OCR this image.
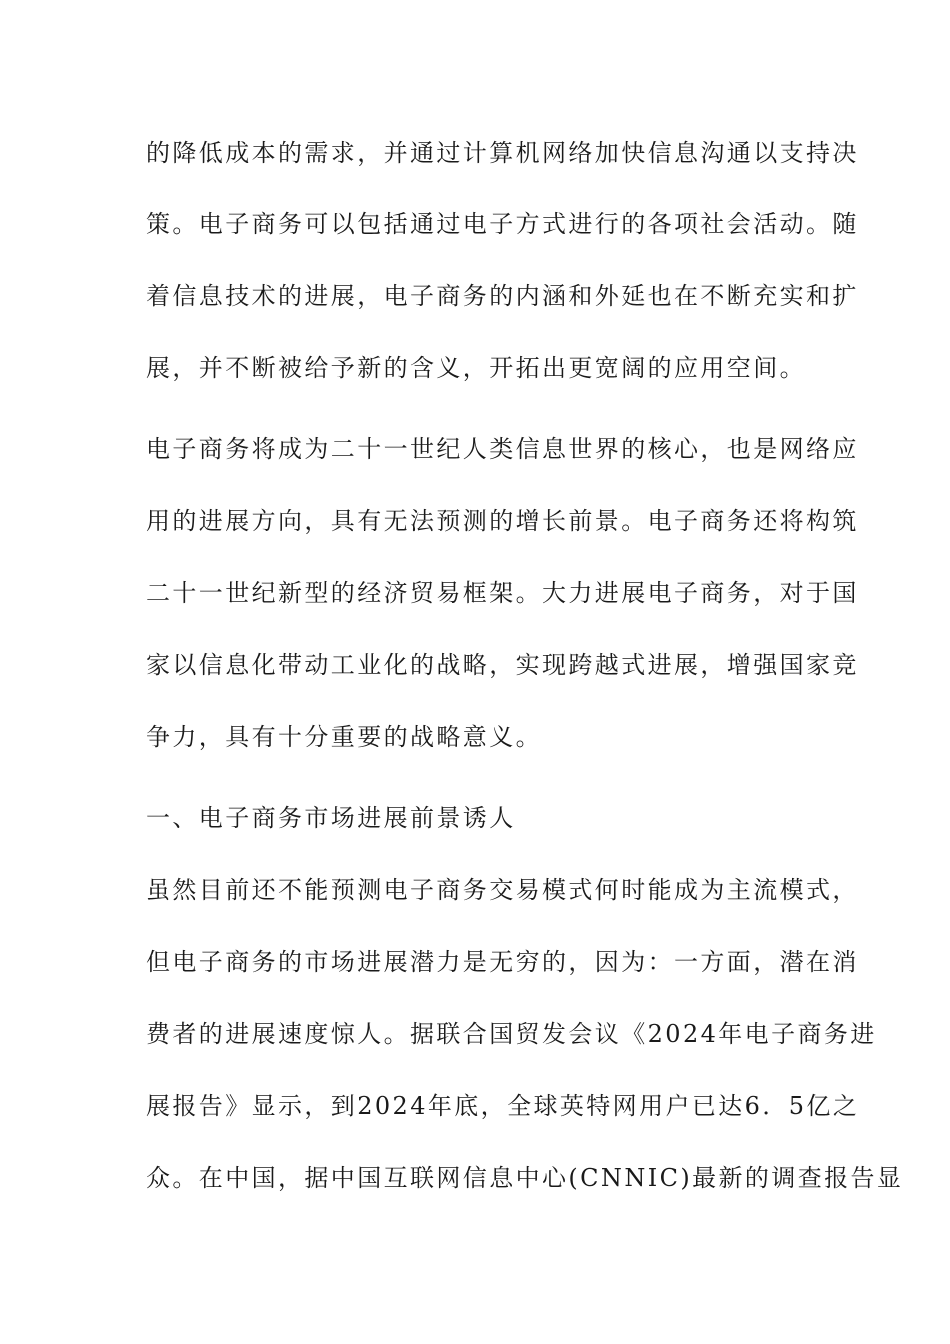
的降低成本的需求，并通过计算机网络加快信息沟通以支持决
策。电子商务可以包括通过电子方式进行的各项社会活动。随
着信息技术的进展，电子商务的内涵和外延也在不断充实和扩
展，并不断被给予新的含义，开拓出更宽阔的应用空间。
电子商务将成为二十一世纪人类信息世界的核心，也是网络应
用的进展方向，具有无法预测的增长前景。电子商务还将构筑
二十一世纪新型的经济贸易框架。大力进展电子商务，对于国
家以信息化带动工业化的战略，实现跨越式进展，增强国家竞
争力，具有十分重要的战略意义。
一、电子商务市场进展前景诱人
虽然目前还不能预测电子商务交易模式何时能成为主流模式，
但电子商务的市场进展潜力是无穷的，因为：一方面，潜在消
费者的进展速度惊人。据联合国贸发会议《2024年电子商务进
展报告》显示，到2024年底，全球英特网用户已达6．5亿之
众。在中国，据中国互联网信息中心(CNNIC)最新的调查报告显
